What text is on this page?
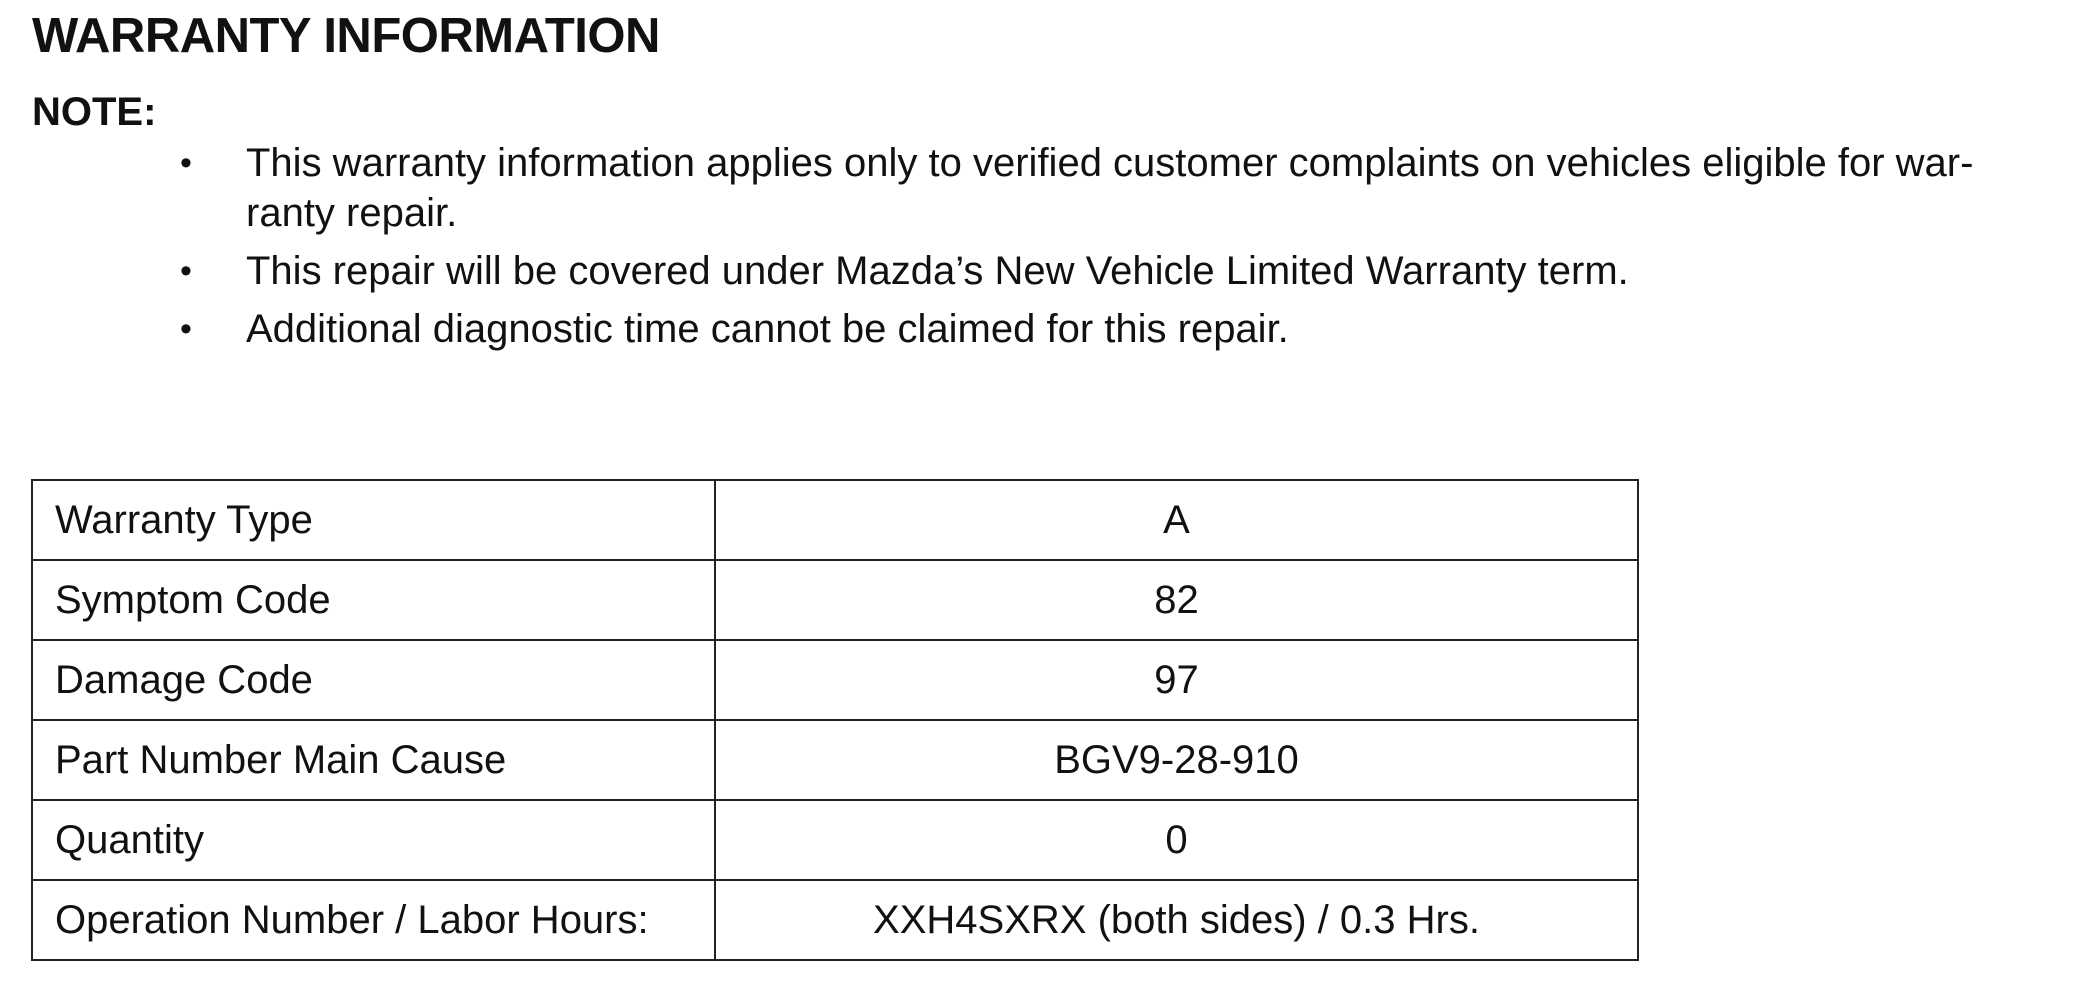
WARRANTY INFORMATION
NOTE:
• This warranty information applies only to verified customer complaints on vehicles eligible for war-ranty repair.
• This repair will be covered under Mazda’s New Vehicle Limited Warranty term.
• Additional diagnostic time cannot be claimed for this repair.
Warranty Type	A
Symptom Code	82
Damage Code	97
Part Number Main Cause	BGV9-28-910
Quantity	0
Operation Number / Labor Hours:	XXH4SXRX (both sides) / 0.3 Hrs.
